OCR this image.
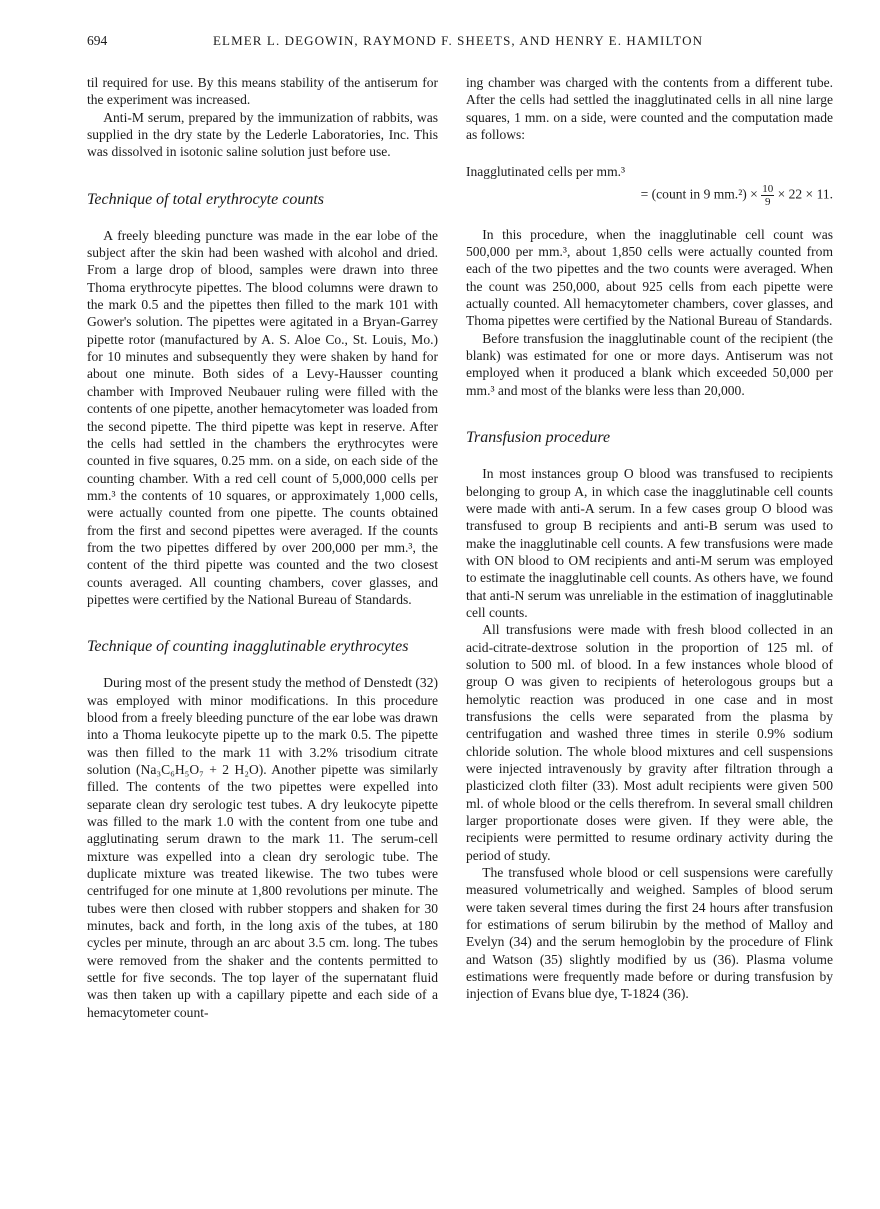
694	ELMER L. DEGOWIN, RAYMOND F. SHEETS, AND HENRY E. HAMILTON

til required for use. By this means stability of the antiserum for the experiment was increased.

Anti-M serum, prepared by the immunization of rabbits, was supplied in the dry state by the Lederle Laboratories, Inc. This was dissolved in isotonic saline solution just before use.

Technique of total erythrocyte counts

A freely bleeding puncture was made in the ear lobe of the subject after the skin had been washed with alcohol and dried. From a large drop of blood, samples were drawn into three Thoma erythrocyte pipettes. The blood columns were drawn to the mark 0.5 and the pipettes then filled to the mark 101 with Gower's solution. The pipettes were agitated in a Bryan-Garrey pipette rotor (manufactured by A. S. Aloe Co., St. Louis, Mo.) for 10 minutes and subsequently they were shaken by hand for about one minute. Both sides of a Levy-Hausser counting chamber with Improved Neubauer ruling were filled with the contents of one pipette, another hemacytometer was loaded from the second pipette. The third pipette was kept in reserve. After the cells had settled in the chambers the erythrocytes were counted in five squares, 0.25 mm. on a side, on each side of the counting chamber. With a red cell count of 5,000,000 cells per mm.³ the contents of 10 squares, or approximately 1,000 cells, were actually counted from one pipette. The counts obtained from the first and second pipettes were averaged. If the counts from the two pipettes differed by over 200,000 per mm.³, the content of the third pipette was counted and the two closest counts averaged. All counting chambers, cover glasses, and pipettes were certified by the National Bureau of Standards.

Technique of counting inagglutinable erythrocytes

During most of the present study the method of Denstedt (32) was employed with minor modifications. In this procedure blood from a freely bleeding puncture of the ear lobe was drawn into a Thoma leukocyte pipette up to the mark 0.5. The pipette was then filled to the mark 11 with 3.2% trisodium citrate solution (Na₃C₆H₅O₇ + 2 H₂O). Another pipette was similarly filled. The contents of the two pipettes were expelled into separate clean dry serologic test tubes. A dry leukocyte pipette was filled to the mark 1.0 with the content from one tube and agglutinating serum drawn to the mark 11. The serum-cell mixture was expelled into a clean dry serologic tube. The duplicate mixture was treated likewise. The two tubes were centrifuged for one minute at 1,800 revolutions per minute. The tubes were then closed with rubber stoppers and shaken for 30 minutes, back and forth, in the long axis of the tubes, at 180 cycles per minute, through an arc about 3.5 cm. long. The tubes were removed from the shaker and the contents permitted to settle for five seconds. The top layer of the supernatant fluid was then taken up with a capillary pipette and each side of a hemacytometer count-

ing chamber was charged with the contents from a different tube. After the cells had settled the inagglutinated cells in all nine large squares, 1 mm. on a side, were counted and the computation made as follows:

Inagglutinated cells per mm.³
= (count in 9 $mm.^2) \times \frac{10}{9} \times 22 \times 11$.

In this procedure, when the inagglutinable cell count was 500,000 per mm.³, about 1,850 cells were actually counted from each of the two pipettes and the two counts were averaged. When the count was 250,000, about 925 cells from each pipette were actually counted. All hemacytometer chambers, cover glasses, and Thoma pipettes were certified by the National Bureau of Standards.

Before transfusion the inagglutinable count of the recipient (the blank) was estimated for one or more days. Antiserum was not employed when it produced a blank which exceeded 50,000 per mm.³ and most of the blanks were less than 20,000.

Transfusion procedure

In most instances group O blood was transfused to recipients belonging to group A, in which case the inagglutinable cell counts were made with anti-A serum. In a few cases group O blood was transfused to group B recipients and anti-B serum was used to make the inagglutinable cell counts. A few transfusions were made with ON blood to OM recipients and anti-M serum was employed to estimate the inagglutinable cell counts. As others have, we found that anti-N serum was unreliable in the estimation of inagglutinable cell counts.

All transfusions were made with fresh blood collected in an acid-citrate-dextrose solution in the proportion of 125 ml. of solution to 500 ml. of blood. In a few instances whole blood of group O was given to recipients of heterologous groups but a hemolytic reaction was produced in one case and in most transfusions the cells were separated from the plasma by centrifugation and washed three times in sterile 0.9% sodium chloride solution. The whole blood mixtures and cell suspensions were injected intravenously by gravity after filtration through a plasticized cloth filter (33). Most adult recipients were given 500 ml. of whole blood or the cells therefrom. In several small children larger proportionate doses were given. If they were able, the recipients were permitted to resume ordinary activity during the period of study.

The transfused whole blood or cell suspensions were carefully measured volumetrically and weighed. Samples of blood serum were taken several times during the first 24 hours after transfusion for estimations of serum bilirubin by the method of Malloy and Evelyn (34) and the serum hemoglobin by the procedure of Flink and Watson (35) slightly modified by us (36). Plasma volume estimations were frequently made before or during transfusion by injection of Evans blue dye, T-1824 (36).
